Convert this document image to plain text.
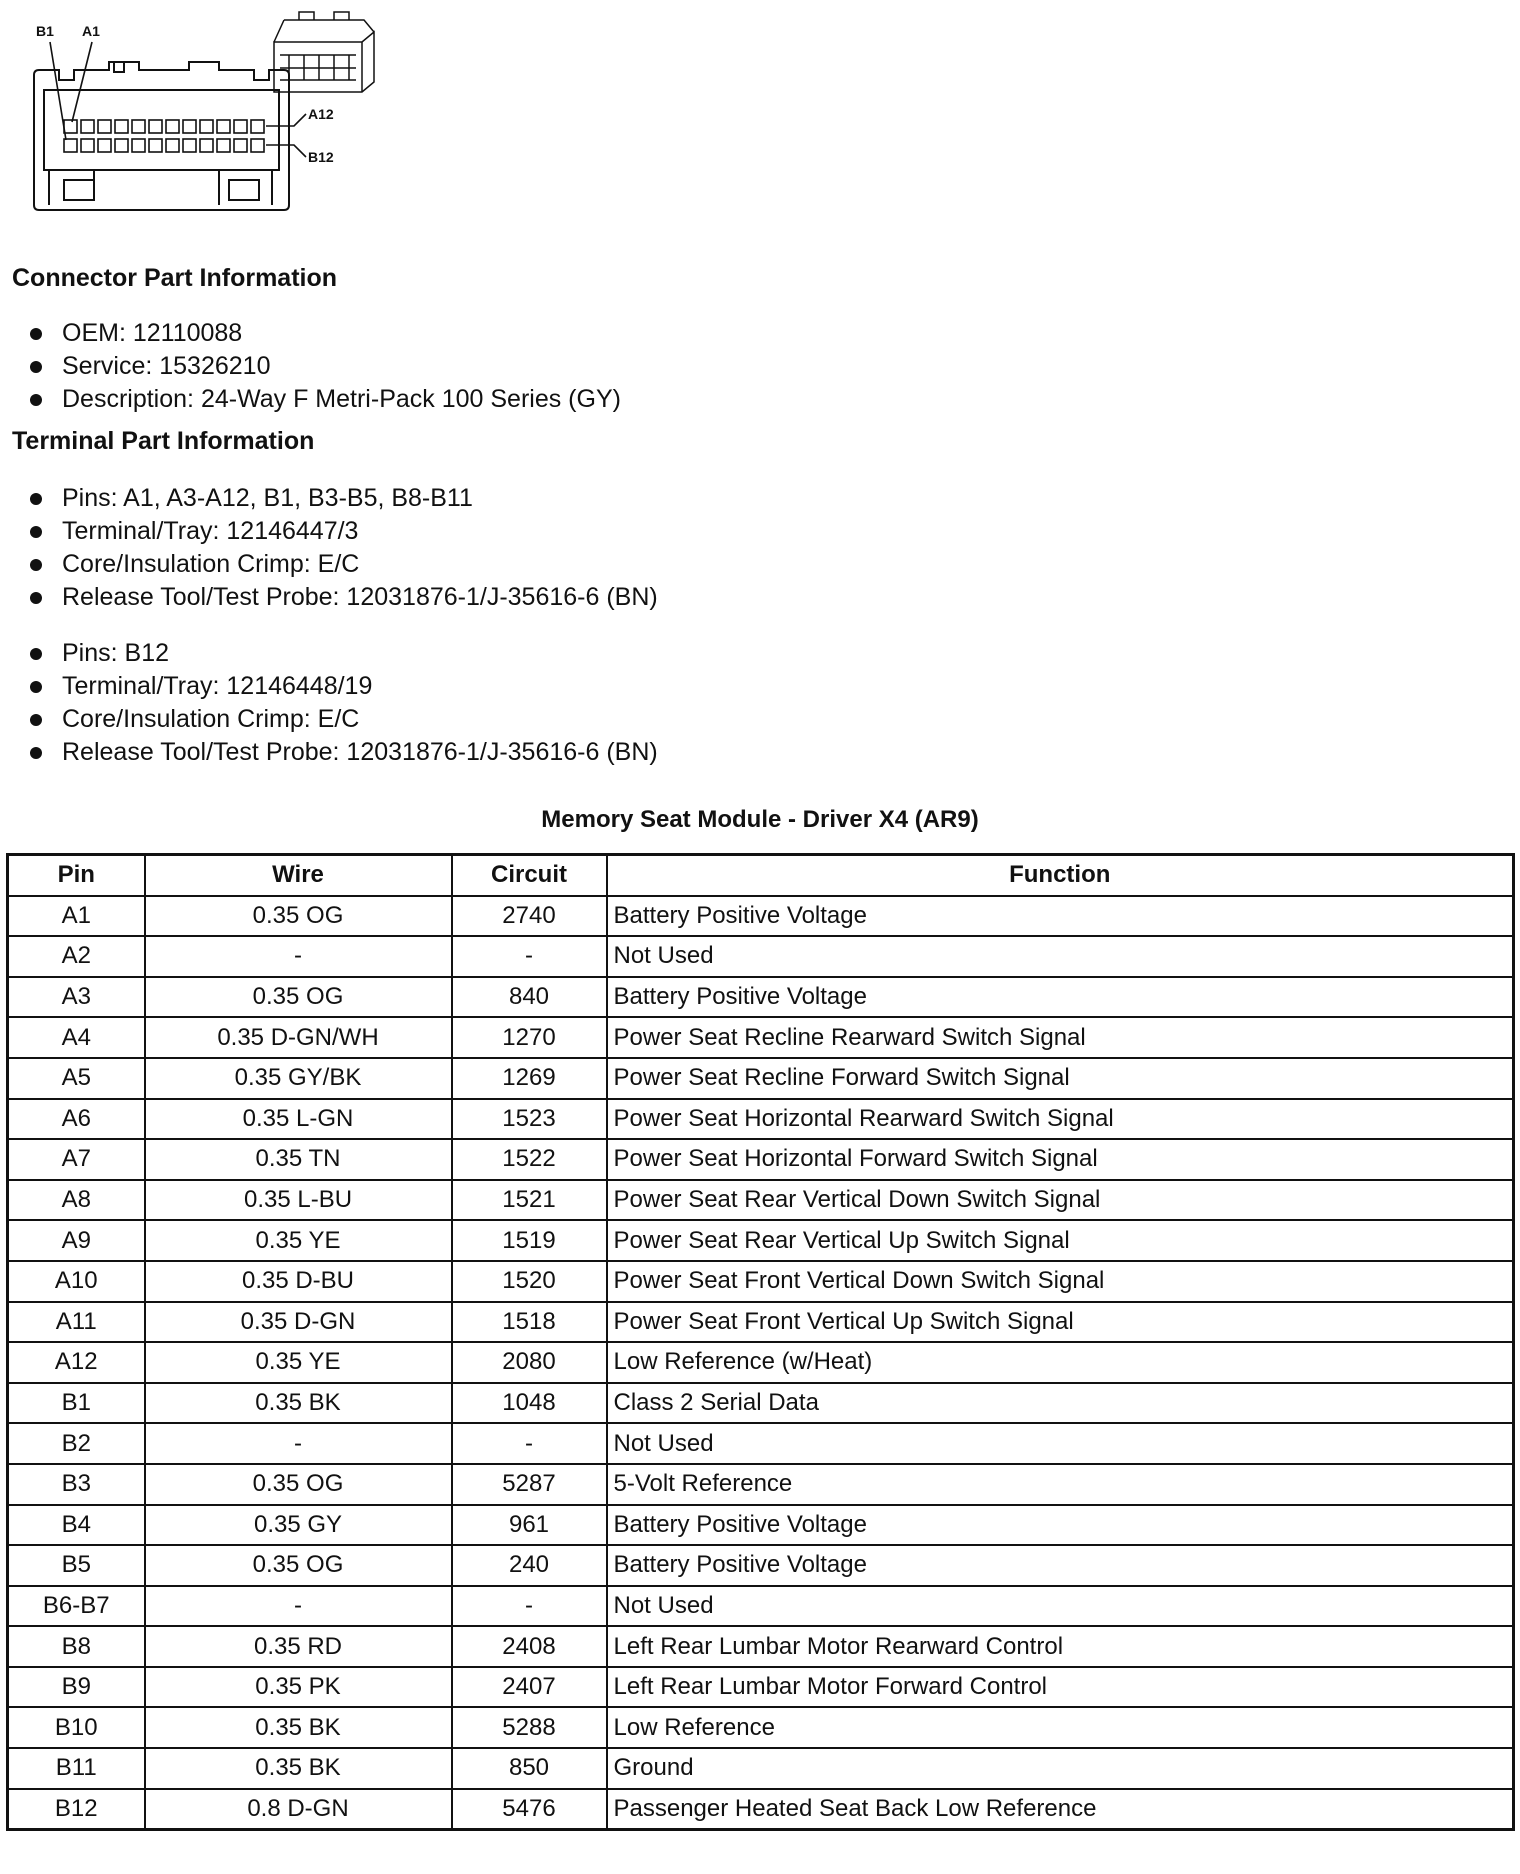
B1 A1
A12
B12
Connector Part Information
OEM: 12110088
Service: 15326210
Description: 24-Way F Metri-Pack 100 Series (GY)
Terminal Part Information
Pins: A1, A3-A12, B1, B3-B5, B8-B11
Terminal/Tray: 12146447/3
Core/Insulation Crimp: E/C
Release Tool/Test Probe: 12031876-1/J-35616-6 (BN)
Pins: B12
Terminal/Tray: 12146448/19
Core/Insulation Crimp: E/C
Release Tool/Test Probe: 12031876-1/J-35616-6 (BN)
Memory Seat Module - Driver X4 (AR9)
Pin	Wire	Circuit	Function
A1	0.35 OG	2740	Battery Positive Voltage
A2	-	-	Not Used
A3	0.35 OG	840	Battery Positive Voltage
A4	0.35 D-GN/WH	1270	Power Seat Recline Rearward Switch Signal
A5	0.35 GY/BK	1269	Power Seat Recline Forward Switch Signal
A6	0.35 L-GN	1523	Power Seat Horizontal Rearward Switch Signal
A7	0.35 TN	1522	Power Seat Horizontal Forward Switch Signal
A8	0.35 L-BU	1521	Power Seat Rear Vertical Down Switch Signal
A9	0.35 YE	1519	Power Seat Rear Vertical Up Switch Signal
A10	0.35 D-BU	1520	Power Seat Front Vertical Down Switch Signal
A11	0.35 D-GN	1518	Power Seat Front Vertical Up Switch Signal
A12	0.35 YE	2080	Low Reference (w/Heat)
B1	0.35 BK	1048	Class 2 Serial Data
B2	-	-	Not Used
B3	0.35 OG	5287	5-Volt Reference
B4	0.35 GY	961	Battery Positive Voltage
B5	0.35 OG	240	Battery Positive Voltage
B6-B7	-	-	Not Used
B8	0.35 RD	2408	Left Rear Lumbar Motor Rearward Control
B9	0.35 PK	2407	Left Rear Lumbar Motor Forward Control
B10	0.35 BK	5288	Low Reference
B11	0.35 BK	850	Ground
B12	0.8 D-GN	5476	Passenger Heated Seat Back Low Reference
